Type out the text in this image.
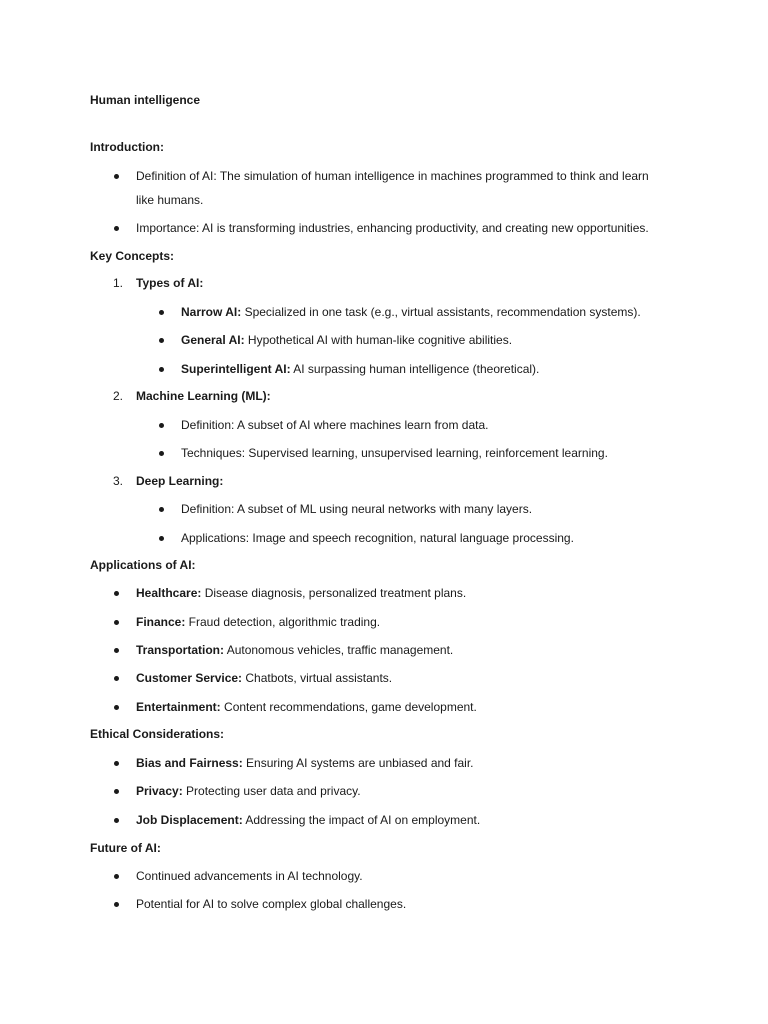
Human intelligence
Introduction:
Definition of AI: The simulation of human intelligence in machines programmed to think and learn
like humans.
Importance: AI is transforming industries, enhancing productivity, and creating new opportunities.
Key Concepts:
1. Types of AI:
Narrow AI: Specialized in one task (e.g., virtual assistants, recommendation systems).
General AI: Hypothetical AI with human-like cognitive abilities.
Superintelligent AI: AI surpassing human intelligence (theoretical).
2. Machine Learning (ML):
Definition: A subset of AI where machines learn from data.
Techniques: Supervised learning, unsupervised learning, reinforcement learning.
3. Deep Learning:
Definition: A subset of ML using neural networks with many layers.
Applications: Image and speech recognition, natural language processing.
Applications of AI:
Healthcare: Disease diagnosis, personalized treatment plans.
Finance: Fraud detection, algorithmic trading.
Transportation: Autonomous vehicles, traffic management.
Customer Service: Chatbots, virtual assistants.
Entertainment: Content recommendations, game development.
Ethical Considerations:
Bias and Fairness: Ensuring AI systems are unbiased and fair.
Privacy: Protecting user data and privacy.
Job Displacement: Addressing the impact of AI on employment.
Future of AI:
Continued advancements in AI technology.
Potential for AI to solve complex global challenges.
